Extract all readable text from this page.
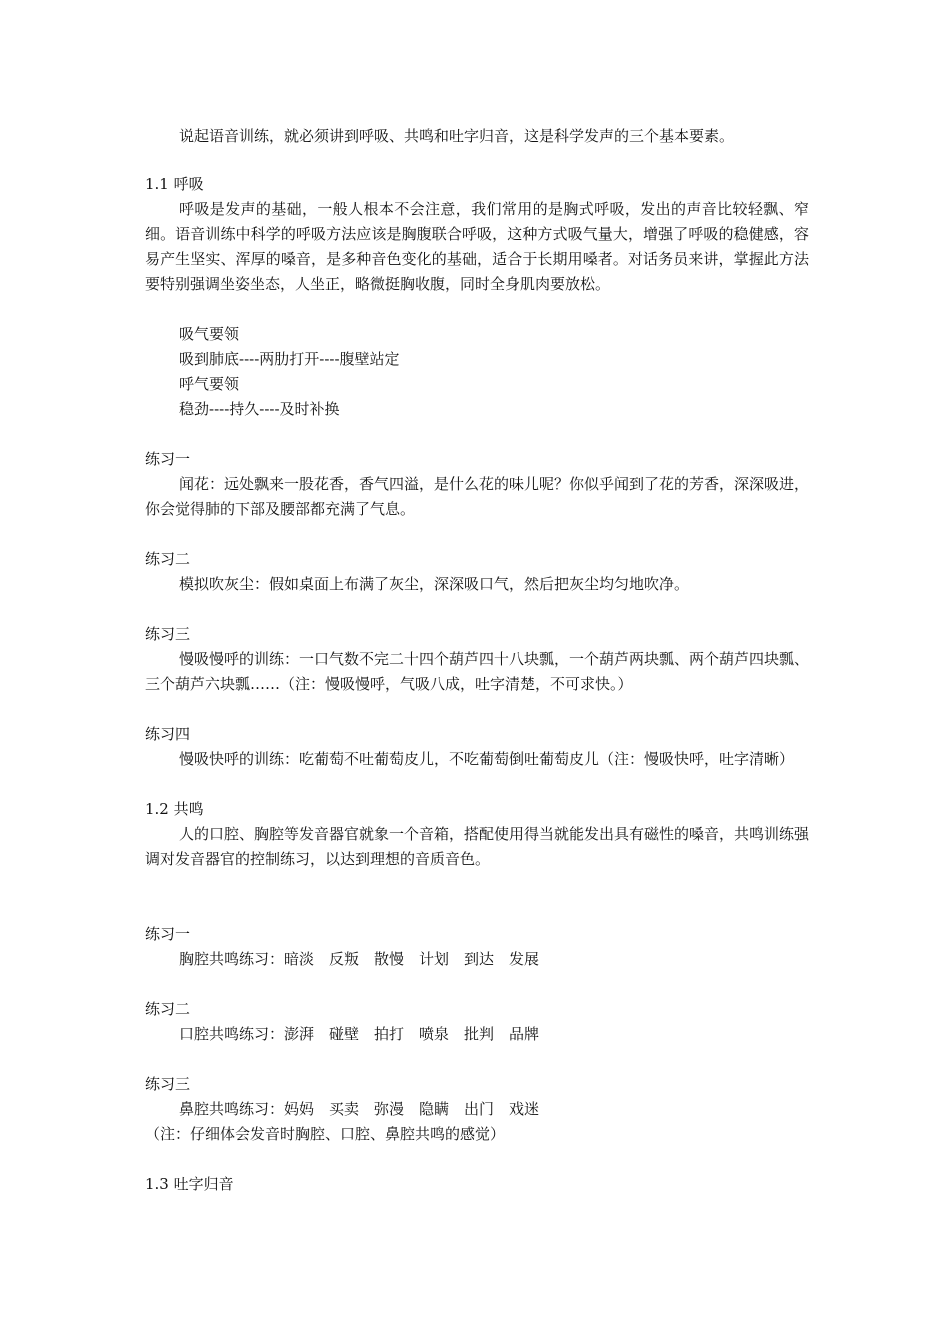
说起语音训练，就必须讲到呼吸、共鸣和吐字归音，这是科学发声的三个基本要素。

1.1 呼吸

呼吸是发声的基础，一般人根本不会注意，我们常用的是胸式呼吸，发出的声音比较轻飘、窄细。语音训练中科学的呼吸方法应该是胸腹联合呼吸，这种方式吸气量大，增强了呼吸的稳健感，容易产生坚实、浑厚的嗓音，是多种音色变化的基础，适合于长期用嗓者。对话务员来讲，掌握此方法要特别强调坐姿坐态，人坐正，略微挺胸收腹，同时全身肌肉要放松。

吸气要领

吸到肺底----两肋打开----腹壁站定

呼气要领

稳劲----持久----及时补换

练习一

闻花：远处飘来一股花香，香气四溢，是什么花的味儿呢？你似乎闻到了花的芳香，深深吸进，你会觉得肺的下部及腰部都充满了气息。

练习二

模拟吹灰尘：假如桌面上布满了灰尘，深深吸口气，然后把灰尘均匀地吹净。

练习三

慢吸慢呼的训练：一口气数不完二十四个葫芦四十八块瓢，一个葫芦两块瓢、两个葫芦四块瓢、三个葫芦六块瓢……（注：慢吸慢呼，气吸八成，吐字清楚，不可求快。）

练习四

慢吸快呼的训练：吃葡萄不吐葡萄皮儿，不吃葡萄倒吐葡萄皮儿（注：慢吸快呼，吐字清晰）

1.2 共鸣

人的口腔、胸腔等发音器官就象一个音箱，搭配使用得当就能发出具有磁性的嗓音，共鸣训练强调对发音器官的控制练习，以达到理想的音质音色。

练习一

胸腔共鸣练习：暗淡　反叛　散慢　计划　到达　发展

练习二

口腔共鸣练习：澎湃　碰壁　拍打　喷泉　批判　品牌

练习三

鼻腔共鸣练习：妈妈　买卖　弥漫　隐瞒　出门　戏迷

（注：仔细体会发音时胸腔、口腔、鼻腔共鸣的感觉）

1.3 吐字归音
